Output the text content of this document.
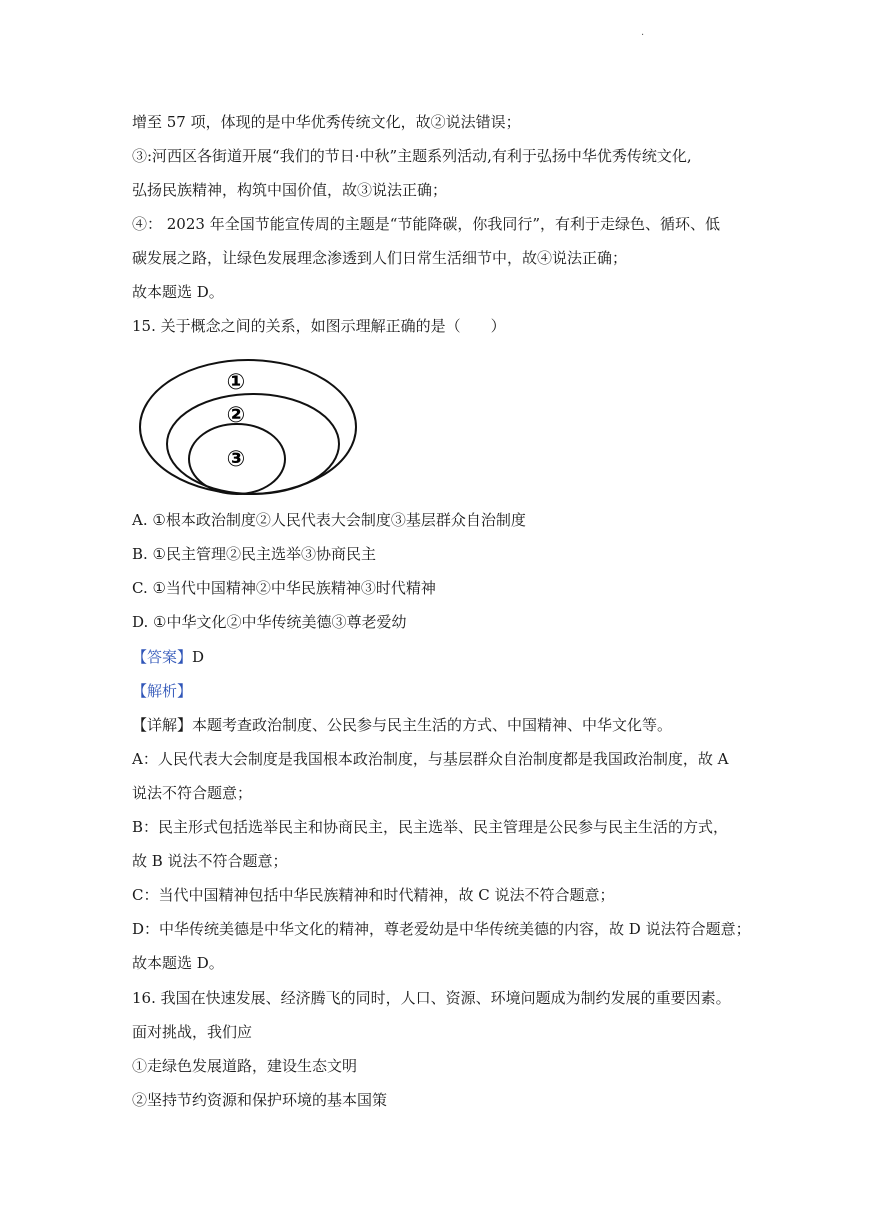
·
增至 57 项，体现的是中华优秀传统文化，故②说法错误；
③:河西区各街道开展“我们的节日·中秋”主题系列活动,有利于弘扬中华优秀传统文化,
弘扬民族精神，构筑中国价值，故③说法正确；
④： 2023 年全国节能宣传周的主题是“节能降碳，你我同行”，有利于走绿色、循环、低
碳发展之路，让绿色发展理念渗透到人们日常生活细节中，故④说法正确；
故本题选 D。
15. 关于概念之间的关系，如图示理解正确的是（　　）
①
②
③
A. ①根本政治制度②人民代表大会制度③基层群众自治制度
B. ①民主管理②民主选举③协商民主
C. ①当代中国精神②中华民族精神③时代精神
D. ①中华文化②中华传统美德③尊老爱幼
【答案】D
【解析】
【详解】本题考查政治制度、公民参与民主生活的方式、中国精神、中华文化等。
A：人民代表大会制度是我国根本政治制度，与基层群众自治制度都是我国政治制度，故 A
说法不符合题意；
B：民主形式包括选举民主和协商民主，民主选举、民主管理是公民参与民主生活的方式，
故 B 说法不符合题意；
C：当代中国精神包括中华民族精神和时代精神，故 C 说法不符合题意；
D：中华传统美德是中华文化的精神，尊老爱幼是中华传统美德的内容，故 D 说法符合题意；
故本题选 D。
16. 我国在快速发展、经济腾飞的同时，人口、资源、环境问题成为制约发展的重要因素。
面对挑战，我们应
①走绿色发展道路，建设生态文明
②坚持节约资源和保护环境的基本国策
